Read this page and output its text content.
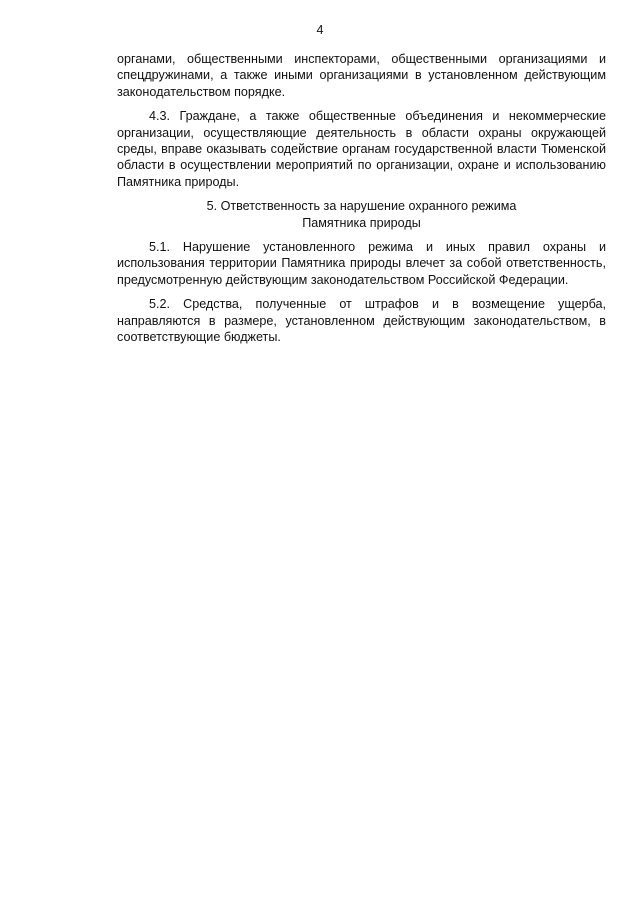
4

органами, общественными инспекторами, общественными организациями и спецдружинами, а также иными организациями в установленном действующим законодательством порядке.

4.3. Граждане, а также общественные объединения и некоммерческие организации, осуществляющие деятельность в области охраны окружающей среды, вправе оказывать содействие органам государственной власти Тюменской области в осуществлении мероприятий по организации, охране и использованию Памятника природы.

5. Ответственность за нарушение охранного режима
Памятника природы

5.1. Нарушение установленного режима и иных правил охраны и использования территории Памятника природы влечет за собой ответственность, предусмотренную действующим законодательством Российской Федерации.

5.2. Средства, полученные от штрафов и в возмещение ущерба, направляются в размере, установленном действующим законодательством, в соответствующие бюджеты.
